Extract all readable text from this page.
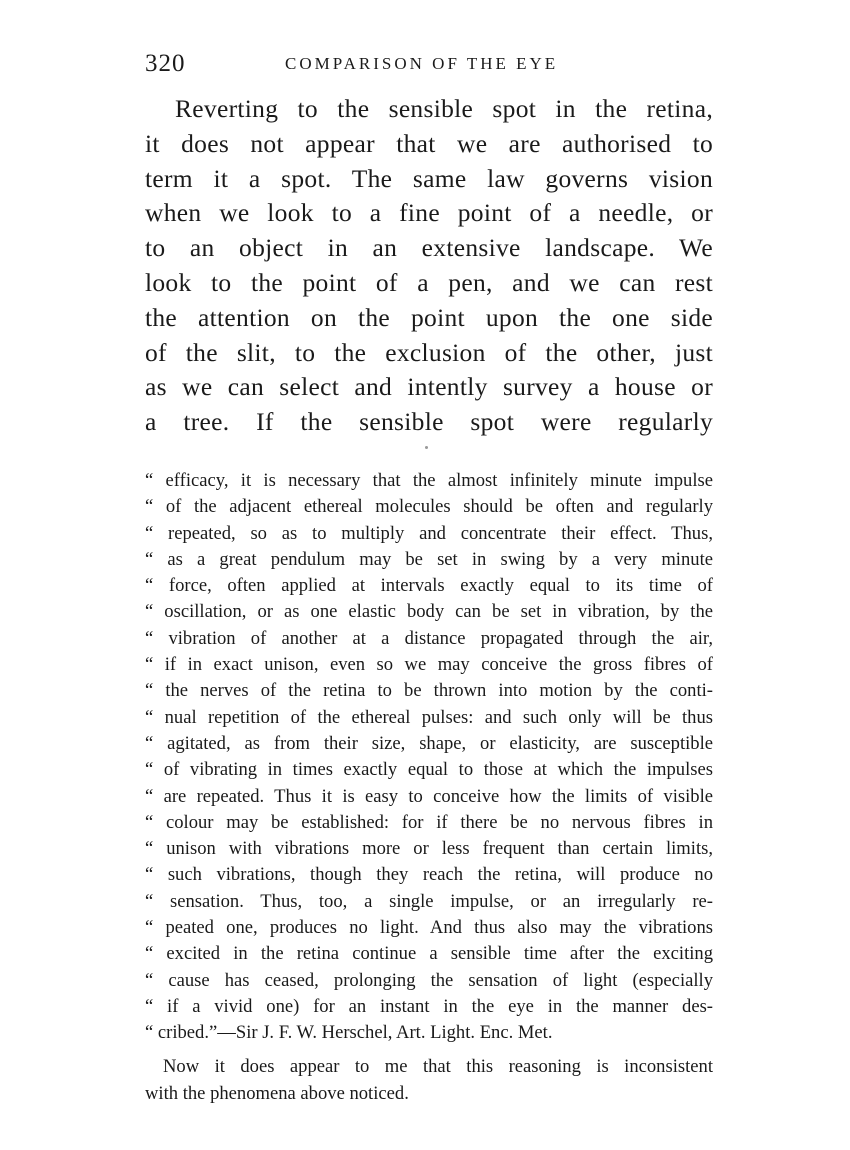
320	COMPARISON OF THE EYE
Reverting to the sensible spot in the retina,
it does not appear that we are authorised to
term it a spot. The same law governs vision
when we look to a fine point of a needle, or
to an object in an extensive landscape. We
look to the point of a pen, and we can rest
the attention on the point upon the one side
of the slit, to the exclusion of the other, just
as we can select and intently survey a house or
a tree. If the sensible spot were regularly
“ efficacy, it is necessary that the almost infinitely minute impulse
“ of the adjacent ethereal molecules should be often and regularly
“ repeated, so as to multiply and concentrate their effect. Thus,
“ as a great pendulum may be set in swing by a very minute
“ force, often applied at intervals exactly equal to its time of
“ oscillation, or as one elastic body can be set in vibration, by the
“ vibration of another at a distance propagated through the air,
“ if in exact unison, even so we may conceive the gross fibres of
“ the nerves of the retina to be thrown into motion by the conti-
“ nual repetition of the ethereal pulses: and such only will be thus
“ agitated, as from their size, shape, or elasticity, are susceptible
“ of vibrating in times exactly equal to those at which the impulses
“ are repeated. Thus it is easy to conceive how the limits of visible
“ colour may be established: for if there be no nervous fibres in
“ unison with vibrations more or less frequent than certain limits,
“ such vibrations, though they reach the retina, will produce no
“ sensation. Thus, too, a single impulse, or an irregularly re-
“ peated one, produces no light. And thus also may the vibrations
“ excited in the retina continue a sensible time after the exciting
“ cause has ceased, prolonging the sensation of light (especially
“ if a vivid one) for an instant in the eye in the manner des-
“ cribed.”—Sir J. F. W. Herschel, Art. Light. Enc. Met.
Now it does appear to me that this reasoning is inconsistent
with the phenomena above noticed.
